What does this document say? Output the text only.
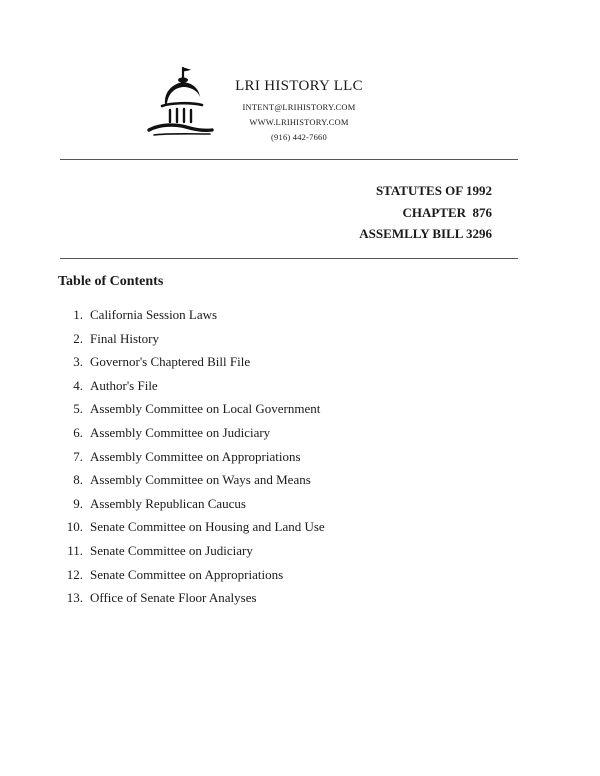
LRI HISTORY LLC
INTENT@LRIHISTORY.COM
WWW.LRIHISTORY.COM
(916) 442-7660
STATUTES OF 1992
CHAPTER  876
ASSEMLLY BILL 3296
Table of Contents
1. California Session Laws
2. Final History
3. Governor's Chaptered Bill File
4. Author's File
5. Assembly Committee on Local Government
6. Assembly Committee on Judiciary
7. Assembly Committee on Appropriations
8. Assembly Committee on Ways and Means
9. Assembly Republican Caucus
10. Senate Committee on Housing and Land Use
11. Senate Committee on Judiciary
12. Senate Committee on Appropriations
13. Office of Senate Floor Analyses
